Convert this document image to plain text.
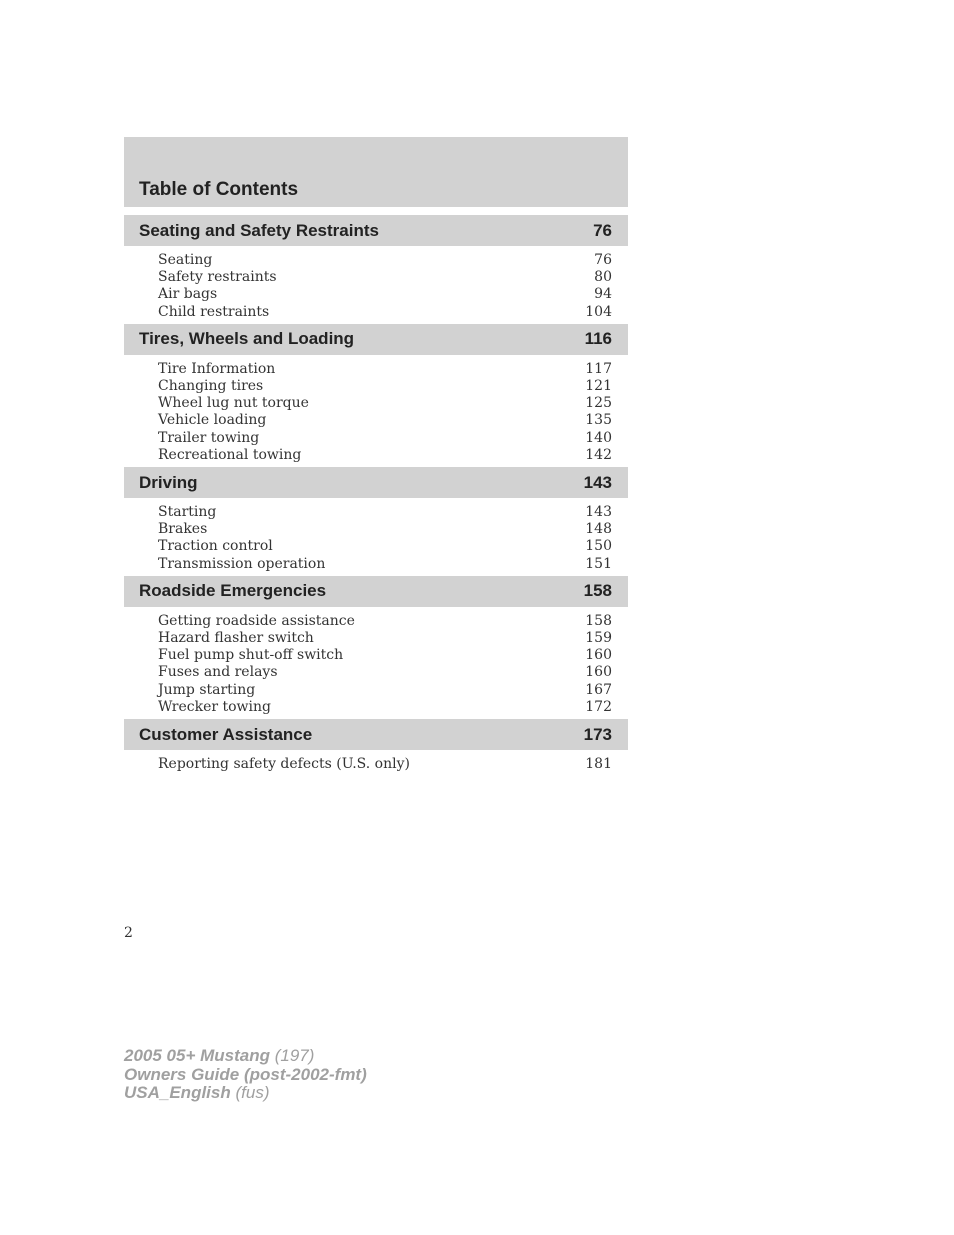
Table of Contents
Seating and Safety Restraints	76
Seating	76
Safety restraints	80
Air bags	94
Child restraints	104
Tires, Wheels and Loading	116
Tire Information	117
Changing tires	121
Wheel lug nut torque	125
Vehicle loading	135
Trailer towing	140
Recreational towing	142
Driving	143
Starting	143
Brakes	148
Traction control	150
Transmission operation	151
Roadside Emergencies	158
Getting roadside assistance	158
Hazard flasher switch	159
Fuel pump shut-off switch	160
Fuses and relays	160
Jump starting	167
Wrecker towing	172
Customer Assistance	173
Reporting safety defects (U.S. only)	181
2
2005 05+ Mustang (197)
Owners Guide (post-2002-fmt)
USA_English (fus)
